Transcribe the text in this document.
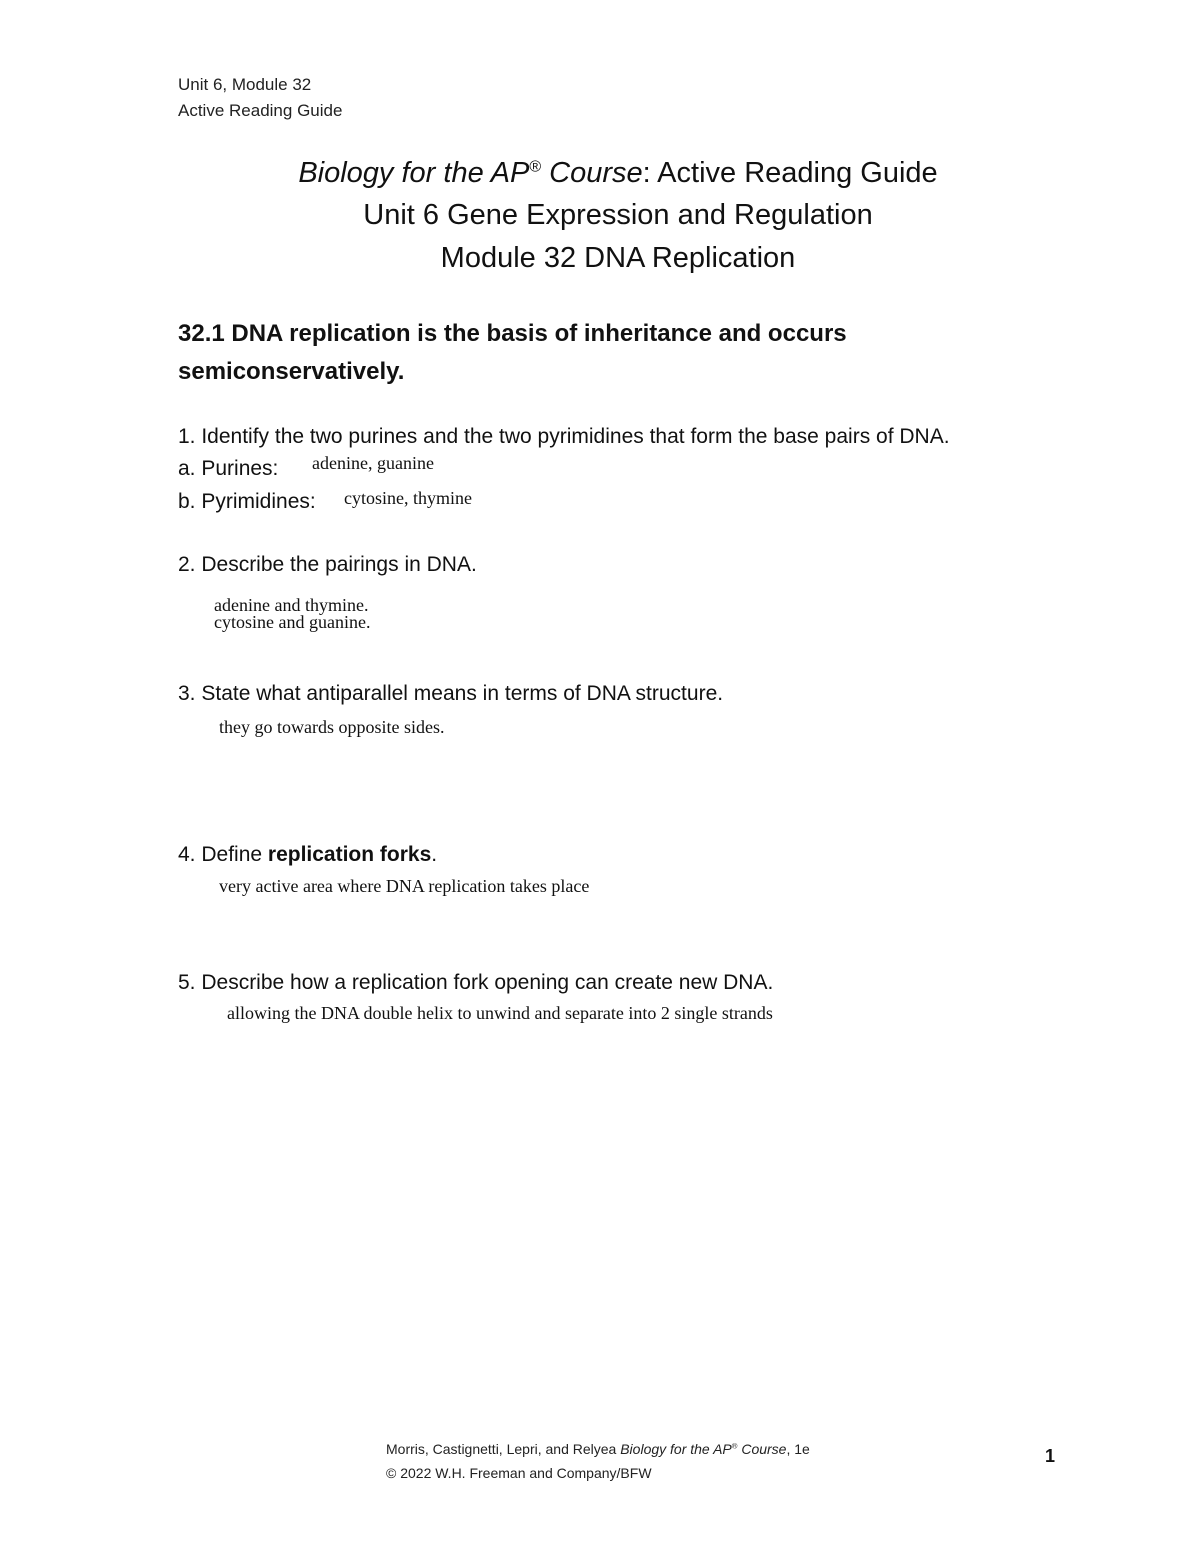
Unit 6, Module 32
Active Reading Guide
Biology for the AP® Course: Active Reading Guide
Unit 6 Gene Expression and Regulation
Module 32 DNA Replication
32.1 DNA replication is the basis of inheritance and occurs
semiconservatively.
1. Identify the two purines and the two pyrimidines that form the base pairs of DNA.
a. Purines: adenine, guanine
b. Pyrimidines: cytosine, thymine
2. Describe the pairings in DNA.
adenine and thymine.
cytosine and guanine.
3. State what antiparallel means in terms of DNA structure.
they go towards opposite sides.
4. Define replication forks.
very active area where DNA replication takes place
5. Describe how a replication fork opening can create new DNA.
allowing the DNA double helix to unwind and separate into 2 single strands
Morris, Castignetti, Lepri, and Relyea Biology for the AP® Course, 1e
© 2022 W.H. Freeman and Company/BFW
1
